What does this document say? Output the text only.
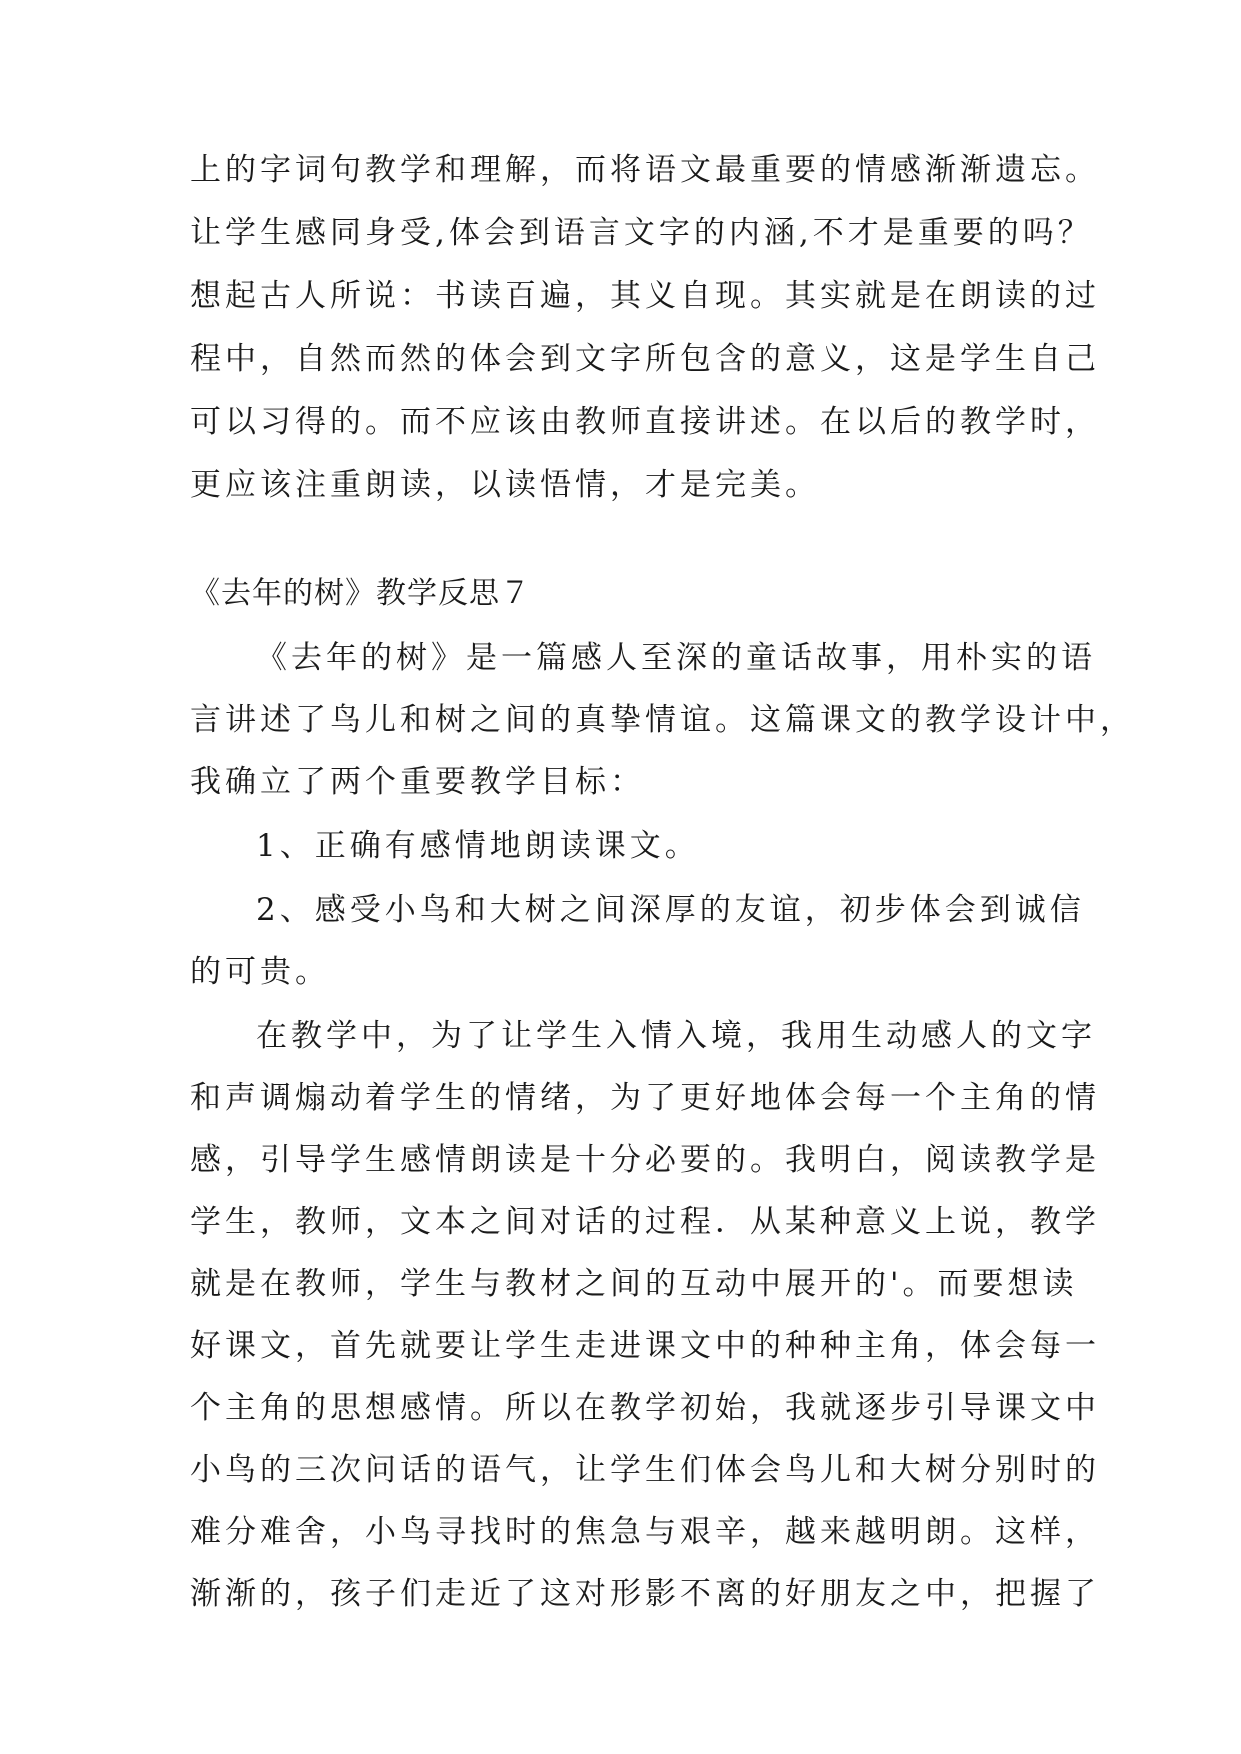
上的字词句教学和理解，而将语文最重要的情感渐渐遗忘。
让学生感同身受,体会到语言文字的内涵,不才是重要的吗？
想起古人所说：书读百遍，其义自现。其实就是在朗读的过
程中，自然而然的体会到文字所包含的意义，这是学生自己
可以习得的。而不应该由教师直接讲述。在以后的教学时，
更应该注重朗读，以读悟情，才是完美。
《去年的树》教学反思７
《去年的树》是一篇感人至深的童话故事，用朴实的语
言讲述了鸟儿和树之间的真挚情谊。这篇课文的教学设计中，
我确立了两个重要教学目标：
1、正确有感情地朗读课文。
2、感受小鸟和大树之间深厚的友谊，初步体会到诚信
的可贵。
在教学中，为了让学生入情入境，我用生动感人的文字
和声调煽动着学生的情绪，为了更好地体会每一个主角的情
感，引导学生感情朗读是十分必要的。我明白，阅读教学是
学生，教师，文本之间对话的过程．从某种意义上说，教学
就是在教师，学生与教材之间的互动中展开的'。而要想读
好课文，首先就要让学生走进课文中的种种主角，体会每一
个主角的思想感情。所以在教学初始，我就逐步引导课文中
小鸟的三次问话的语气，让学生们体会鸟儿和大树分别时的
难分难舍，小鸟寻找时的焦急与艰辛，越来越明朗。这样，
渐渐的，孩子们走近了这对形影不离的好朋友之中，把握了
